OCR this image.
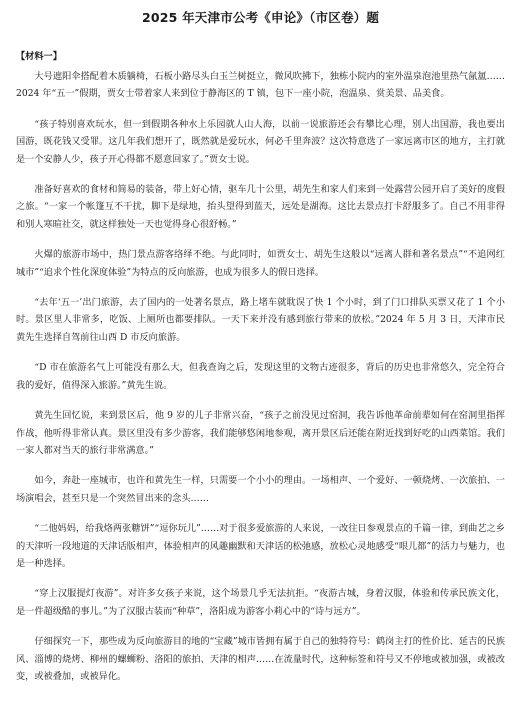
2025 年天津市公考《申论》（市区卷）题
【材料一】

大号遮阳伞搭配着木质躺椅，石板小路尽头白玉兰树挺立，微风吹拂下，独栋小院内的室外温泉泡池里热气氤氲……2024 年“五一”假期，贾女士带着家人来到位于静海区的 T 镇，包下一座小院，泡温泉、赏美景、品美食。

“孩子特别喜欢玩水，但一到假期各种水上乐园就人山人海，以前一说旅游还会有攀比心理，别人出国游，我也要出国游，既花钱又受罪。这几年我们想开了，既然就是爱玩水，何必千里奔波？这次特意选了一家远离市区的地方，主打就是一个安静人少，孩子开心得都不愿意回家了。”贾女士说。

准备好喜欢的食材和简易的装备，带上好心情，驱车几十公里，胡先生和家人们来到一处露营公园开启了美好的度假之旅。“一家一个帐篷互不干扰，脚下是绿地，抬头望得到蓝天，远处是湖海。这比去景点打卡舒服多了。自己不用非得和别人寒暄社交，就这样独处一天也觉得身心很舒畅。”

火爆的旅游市场中，热门景点游客络绎不绝。与此同时，如贾女士、胡先生这般以“远离人群和著名景点”“不追网红城市”“追求个性化深度体验”为特点的反向旅游，也成为很多人的假日选择。

“去年‘五一’出门旅游，去了国内的一处著名景点，路上堵车就耽误了快 1 个小时，到了门口排队买票又花了 1 个小时。景区里人非常多，吃饭、上厕所也都要排队。一天下来并没有感到旅行带来的放松。”2024 年 5 月 3 日，天津市民黄先生选择自驾前往山西 D 市反向旅游。

“D 市在旅游名气上可能没有那么大，但我查询之后，发现这里的文物古迹很多，背后的历史也非常悠久，完全符合我的爱好，值得深入旅游。”黄先生说。

黄先生回忆说，来到景区后，他 9 岁的儿子非常兴奋，“孩子之前没见过窑洞，我告诉他革命前辈如何在窑洞里指挥作战，他听得非常认真。景区里没有多少游客，我们能够悠闲地参观，离开景区后还能在附近找到好吃的山西菜馆。我们一家人都对当天的旅行非常满意。”

如今，奔赴一座城市，也许和黄先生一样，只需要一个小小的理由。一场相声、一个爱好、一顿烧烤、一次旅拍、一场演唱会，甚至只是一个突然冒出来的念头……

“二他妈妈，给我烙两张糖饼”“逗你玩儿”……对于很多爱旅游的人来说，一改往日参观景点的千篇一律，到曲艺之乡的天津听一段地道的天津话版相声，体验相声的风趣幽默和天津话的松弛感，放松心灵地感受“哏儿都”的活力与魅力，也是一种选择。

“穿上汉服提灯夜游”。对许多女孩子来说，这个场景几乎无法抗拒。“夜游古城，身着汉服，体验和传承民族文化，是一件超级酷的事儿。”为了汉服古装而“种草”，洛阳成为游客小莉心中的“诗与远方”。

仔细探究一下，那些成为反向旅游目的地的“宝藏”城市皆拥有属于自己的独特符号：鹤岗主打的性价比、延吉的民族风、淄博的烧烤、柳州的螺蛳粉、洛阳的旅拍、天津的相声……在流量时代，这种标签和符号又不停地或被加强，或被改变，或被叠加，或被异化。
